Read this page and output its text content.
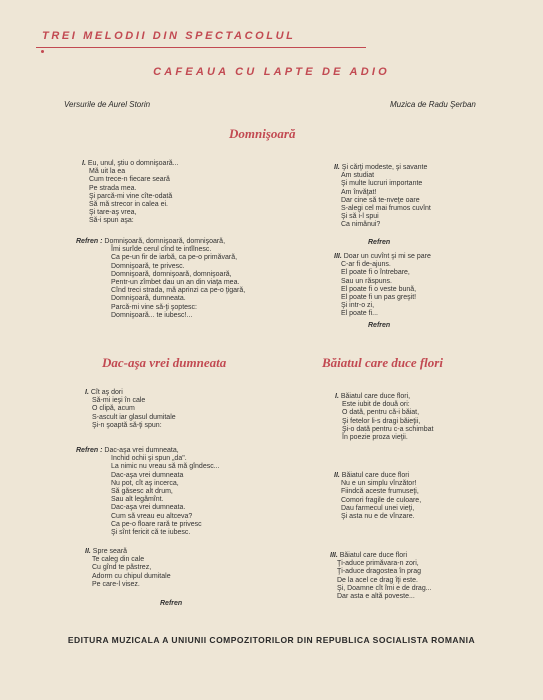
TREI MELODII DIN SPECTACOLUL
CAFEAUA CU LAPTE DE ADIO
Versurile de Aurel Storin	Muzica de Radu Şerban
Domnişoară
I. Eu, unul, ştiu o domnişoară...
Mă uit la ea
Cum trece-n fiecare seară
Pe strada mea.
Şi parcă-mi vine cîte-odată
Să mă strecor in calea ei.
Şi tare-aş vrea,
Să-i spun aşa:
Refren : Domnişoară, domnişoară, domnişoară,
Îmi surîde cerul cînd te intîlnesc.
Ca pe-un fir de iarbă, ca pe-o primăvară,
Domnişoară, te privesc.
Domnişoară, domnişoară, domnişoară,
Pentr-un zîmbet dau un an din viaţa mea.
Cînd treci strada, mă aprinzi ca pe-o ţigară,
Domnişoară, dumneata.
Parcă-mi vine să-ţi şoptesc:
Domnişoară... te iubesc!...
II. Şi cărţi modeste, şi savante
Am studiat
Şi multe lucruri importante
Am învăţat!
Dar cine să te-nveţe oare
S-alegi cel mai frumos cuvînt
Şi să i-l spui
Ca nimănui?
Refren
III. Doar un cuvînt şi mi se pare
C-ar fi de-ajuns.
El poate fi o întrebare,
Sau un răspuns.
El poate fi o veste bună,
El poate fi un pas greşit!
Şi intr-o zi,
El poate fi...
Refren
Dac-aşa vrei dumneata
I. Cît aş dori
Să-mi ieşi în cale
O clipă, acum
S-ascult iar glasul dumitale
Şi-n şoaptă să-ţi spun:
Refren : Dac-aşa vrei dumneata,
Inchid ochii şi spun „da".
La nimic nu vreau să mă gîndesc...
Dac-aşa vrei dumneata
Nu pot, cît aş incerca,
Să găsesc alt drum,
Sau alt legămînt.
Dac-aşa vrei dumneata.
Cum să vreau eu altceva?
Ca pe-o floare rară te privesc
Şi sînt fericit că te iubesc.
II. Spre seară
Te caleg din cale
Cu gînd te păstrez,
Adorm cu chipul dumitale
Pe care-l visez.
Refren
Băiatul care duce flori
I. Băiatul care duce flori,
Este iubit de două ori:
O dată, pentru că-i băiat,
Şi fetelor li-s dragi băieţii,
Şi-o dată pentru c-a schimbat
În poezie proza vieţii.
II. Băiatul care duce flori
Nu e un simplu vînzător!
Fiindcă aceste frumuseţi,
Comori fragile de culoare,
Dau farmecul unei vieţi,
Şi asta nu e de vînzare.
III. Băiatul care duce flori
Ţi-aduce primăvara-n zori,
Ţi-aduce dragostea în prag
De la acel ce drag îţi este.
Şi, Doamne cît îmi e de drag...
Dar asta e altă poveste...
EDITURA MUZICALA A UNIUNII COMPOZITORILOR DIN REPUBLICA SOCIALISTA ROMANIA
